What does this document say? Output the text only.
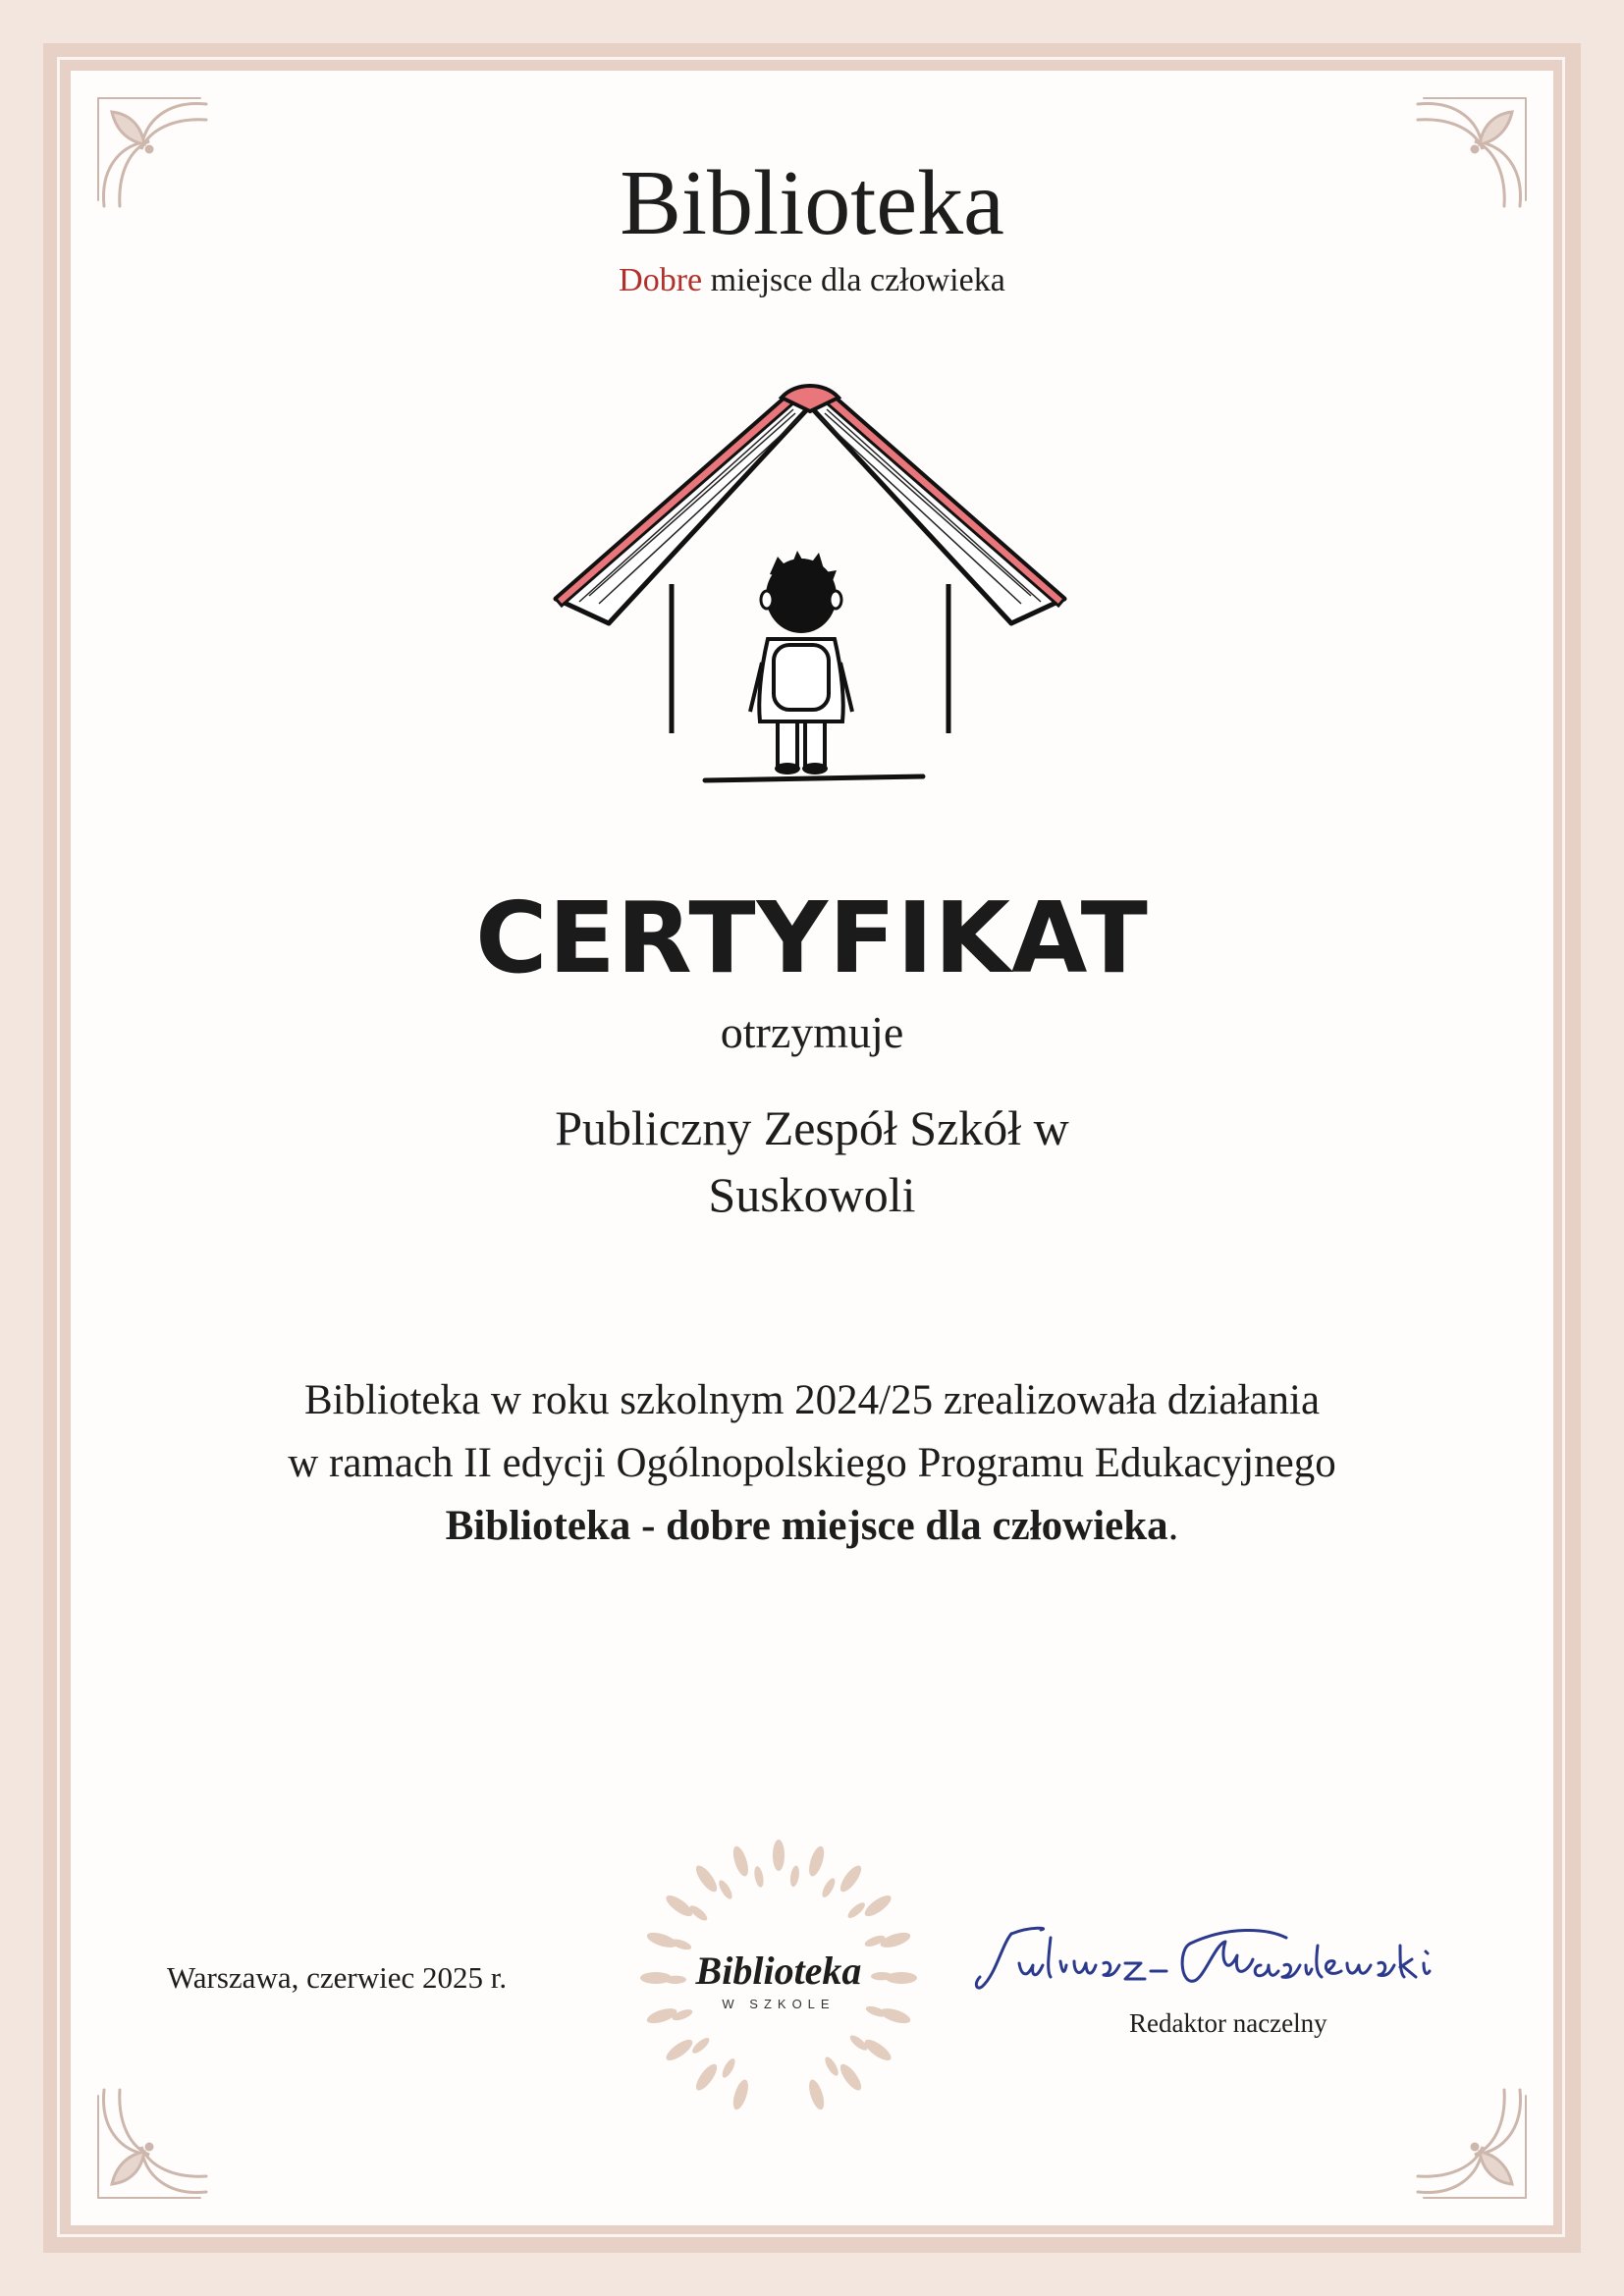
Biblioteka
Dobre miejsce dla człowieka
CERTYFIKAT
otrzymuje
Publiczny Zespół Szkół w
Suskowoli
Biblioteka w roku szkolnym 2024/25 zrealizowała działania
w ramach II edycji Ogólnopolskiego Programu Edukacyjnego
Biblioteka - dobre miejsce dla człowieka.
Warszawa, czerwiec 2025 r.	Biblioteka
W SZKOLE
Redaktor naczelny
